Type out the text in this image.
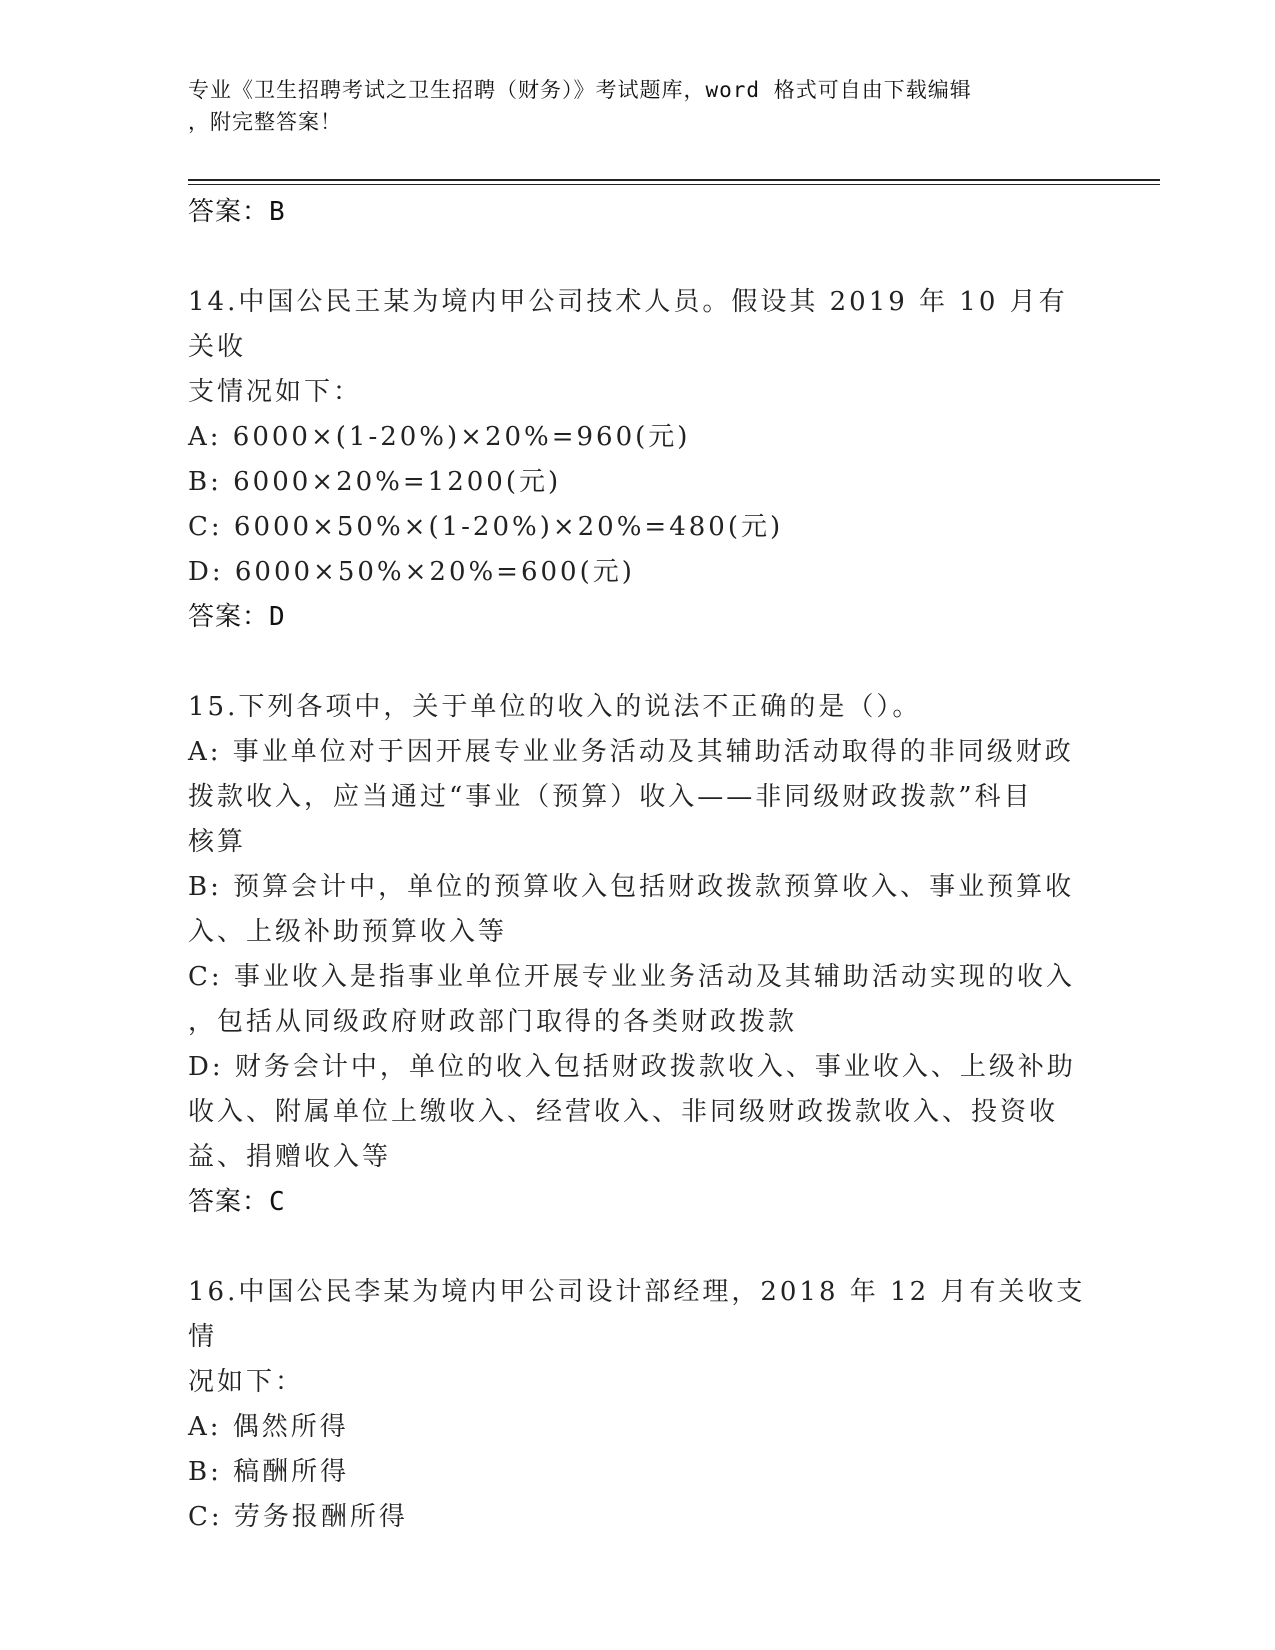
专业《卫生招聘考试之卫生招聘（财务）》考试题库，word 格式可自由下载编辑
，附完整答案！
答案：B
14.中国公民王某为境内甲公司技术人员。假设其 2019 年 10 月有关收
支情况如下：
A: 6000×(1-20%)×20%=960(元)
B: 6000×20%=1200(元)
C: 6000×50%×(1-20%)×20%=480(元)
D: 6000×50%×20%=600(元)
答案：D
15.下列各项中，关于单位的收入的说法不正确的是（）。
A: 事业单位对于因开展专业业务活动及其辅助活动取得的非同级财政
拨款收入，应当通过“事业（预算）收入——非同级财政拨款”科目
核算
B: 预算会计中，单位的预算收入包括财政拨款预算收入、事业预算收
入、上级补助预算收入等
C: 事业收入是指事业单位开展专业业务活动及其辅助活动实现的收入
，包括从同级政府财政部门取得的各类财政拨款
D: 财务会计中，单位的收入包括财政拨款收入、事业收入、上级补助
收入、附属单位上缴收入、经营收入、非同级财政拨款收入、投资收
益、捐赠收入等
答案：C
16.中国公民李某为境内甲公司设计部经理，2018 年 12 月有关收支情
况如下：
A: 偶然所得
B: 稿酬所得
C: 劳务报酬所得
